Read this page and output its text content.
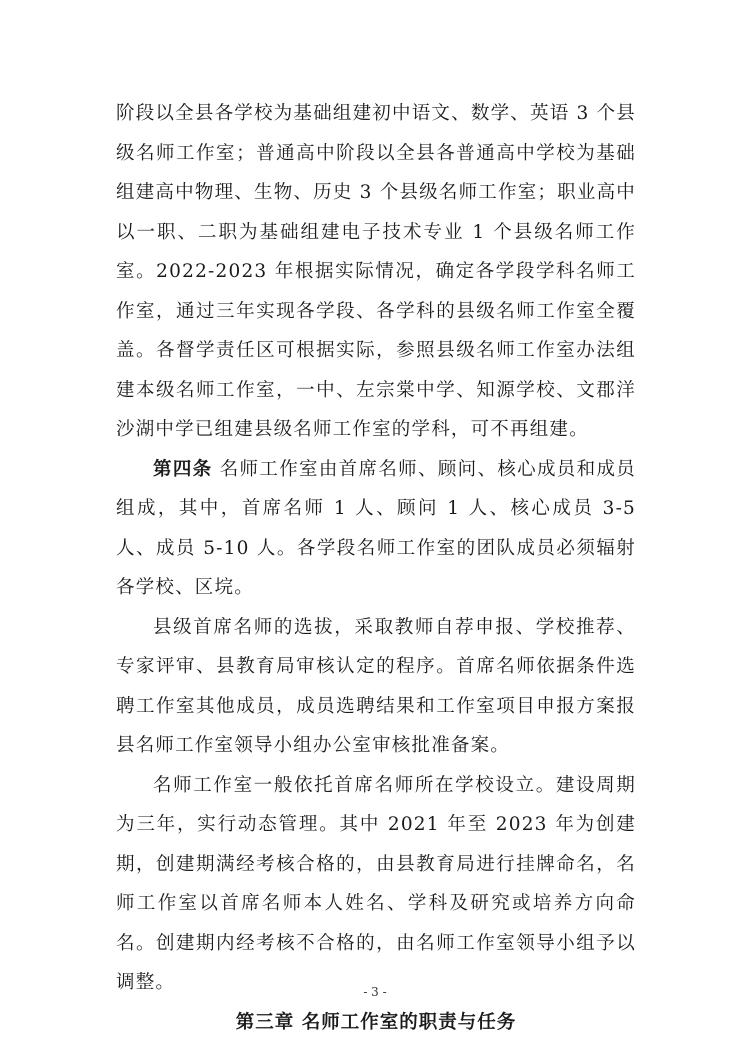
阶段以全县各学校为基础组建初中语文、数学、英语 3 个县级名师工作室；普通高中阶段以全县各普通高中学校为基础组建高中物理、生物、历史 3 个县级名师工作室；职业高中以一职、二职为基础组建电子技术专业 1 个县级名师工作室。2022-2023 年根据实际情况，确定各学段学科名师工作室，通过三年实现各学段、各学科的县级名师工作室全覆盖。各督学责任区可根据实际，参照县级名师工作室办法组建本级名师工作室，一中、左宗棠中学、知源学校、文郡洋沙湖中学已组建县级名师工作室的学科，可不再组建。

第四条 名师工作室由首席名师、顾问、核心成员和成员组成，其中，首席名师 1 人、顾问 1 人、核心成员 3-5 人、成员 5-10 人。各学段名师工作室的团队成员必须辐射各学校、区垸。

县级首席名师的选拔，采取教师自荐申报、学校推荐、专家评审、县教育局审核认定的程序。首席名师依据条件选聘工作室其他成员，成员选聘结果和工作室项目申报方案报县名师工作室领导小组办公室审核批准备案。

名师工作室一般依托首席名师所在学校设立。建设周期为三年，实行动态管理。其中 2021 年至 2023 年为创建期，创建期满经考核合格的，由县教育局进行挂牌命名，名师工作室以首席名师本人姓名、学科及研究或培养方向命名。创建期内经考核不合格的，由名师工作室领导小组予以调整。

第三章 名师工作室的职责与任务
- 3 -
